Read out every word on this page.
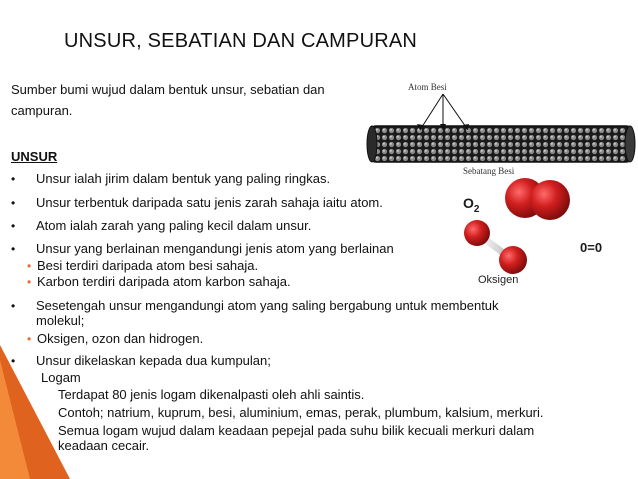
UNSUR, SEBATIAN DAN CAMPURAN
Sumber bumi wujud dalam bentuk unsur, sebatian dan
campuran.
UNSUR
• Unsur ialah jirim dalam bentuk yang paling ringkas.
• Unsur terbentuk daripada satu jenis zarah sahaja iaitu atom.
• Atom ialah zarah yang paling kecil dalam unsur.
• Unsur yang berlainan mengandungi jenis atom yang berlainan
• Besi terdiri daripada atom besi sahaja.
• Karbon terdiri daripada atom karbon sahaja.
• Sesetengah unsur mengandungi atom yang saling bergabung untuk membentuk
molekul;
• Oksigen, ozon dan hidrogen.
• Unsur dikelaskan kepada dua kumpulan;
Logam
Terdapat 80 jenis logam dikenalpasti oleh ahli saintis.
Contoh; natrium, kuprum, besi, aluminium, emas, perak, plumbum, kalsium, merkuri.
Semua logam wujud dalam keadaan pepejal pada suhu bilik kecuali merkuri dalam
keadaan cecair.
Atom Besi
Sebatang Besi
$O_2$
0=0
Oksigen
